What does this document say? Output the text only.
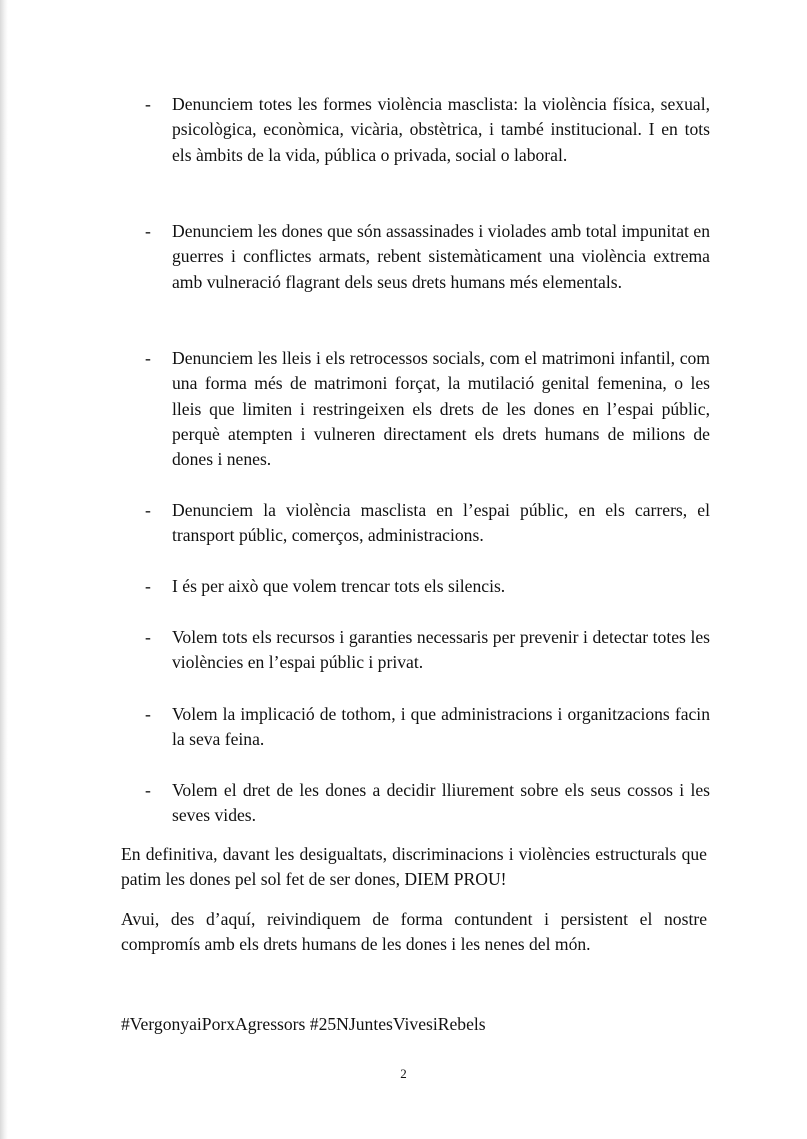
-	Denunciem totes les formes violència masclista: la violència física, sexual, psicològica, econòmica, vicària, obstètrica, i també institucional. I en tots els àmbits de la vida, pública o privada, social o laboral.
-	Denunciem les dones que són assassinades i violades amb total impunitat en guerres i conflictes armats, rebent sistemàticament una violència extrema amb vulneració flagrant dels seus drets humans més elementals.
-	Denunciem les lleis i els retrocessos socials, com el matrimoni infantil, com una forma més de matrimoni forçat, la mutilació genital femenina, o les lleis que limiten i restringeixen els drets de les dones en l’espai públic, perquè atempten i vulneren directament els drets humans de milions de dones i nenes.
-	Denunciem la violència masclista en l’espai públic, en els carrers, el transport públic, comerços, administracions.
-	I és per això que volem trencar tots els silencis.
-	Volem tots els recursos i garanties necessaris per prevenir i detectar totes les violències en l’espai públic i privat.
-	Volem la implicació de tothom, i que administracions i organitzacions facin la seva feina.
-	Volem el dret de les dones a decidir lliurement sobre els seus cossos i les seves vides.
En definitiva, davant les desigualtats, discriminacions i violències estructurals que patim les dones pel sol fet de ser dones, DIEM PROU!
Avui, des d’aquí, reivindiquem de forma contundent i persistent el nostre compromís amb els drets humans de les dones i les nenes del món.
#VergonyaiPorxAgressors #25NJuntesVivesiRebels
2
